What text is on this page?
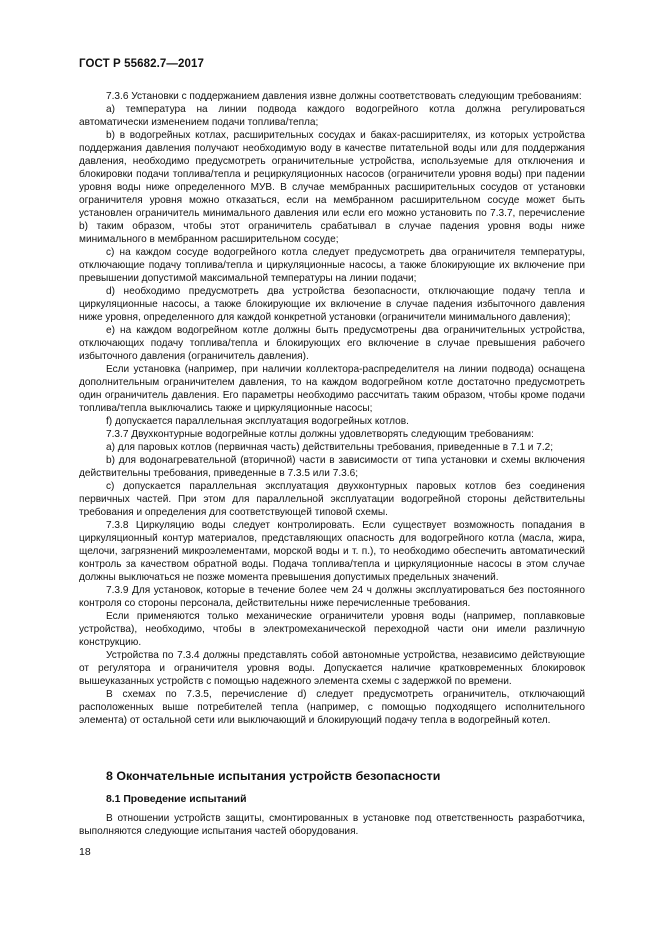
ГОСТ Р 55682.7—2017

7.3.6 Установки с поддержанием давления извне должны соответствовать следующим требованиям:

a) температура на линии подвода каждого водогрейного котла должна регулироваться автоматически изменением подачи топлива/тепла;

b) в водогрейных котлах, расширительных сосудах и баках-расширителях, из которых устройства поддержания давления получают необходимую воду в качестве питательной воды или для поддержания давления, необходимо предусмотреть ограничительные устройства, используемые для отключения и блокировки подачи топлива/тепла и рециркуляционных насосов (ограничители уровня воды) при падении уровня воды ниже определенного МУВ. В случае мембранных расширительных сосудов от установки ограничителя уровня можно отказаться, если на мембранном расширительном сосуде может быть установлен ограничитель минимального давления или если его можно установить по 7.3.7, перечисление b) таким образом, чтобы этот ограничитель срабатывал в случае падения уровня воды ниже минимального в мембранном расширительном сосуде;

c) на каждом сосуде водогрейного котла следует предусмотреть два ограничителя температуры, отключающие подачу топлива/тепла и циркуляционные насосы, а также блокирующие их включение при превышении допустимой максимальной температуры на линии подачи;

d) необходимо предусмотреть два устройства безопасности, отключающие подачу тепла и циркуляционные насосы, а также блокирующие их включение в случае падения избыточного давления ниже уровня, определенного для каждой конкретной установки (ограничители минимального давления);

e) на каждом водогрейном котле должны быть предусмотрены два ограничительных устройства, отключающих подачу топлива/тепла и блокирующих его включение в случае превышения рабочего избыточного давления (ограничитель давления).

Если установка (например, при наличии коллектора-распределителя на линии подвода) оснащена дополнительным ограничителем давления, то на каждом водогрейном котле достаточно предусмотреть один ограничитель давления. Его параметры необходимо рассчитать таким образом, чтобы кроме подачи топлива/тепла выключались также и циркуляционные насосы;

f) допускается параллельная эксплуатация водогрейных котлов.

7.3.7 Двухконтурные водогрейные котлы должны удовлетворять следующим требованиям:

a) для паровых котлов (первичная часть) действительны требования, приведенные в 7.1 и 7.2;

b) для водонагревательной (вторичной) части в зависимости от типа установки и схемы включения действительны требования, приведенные в 7.3.5 или 7.3.6;

c) допускается параллельная эксплуатация двухконтурных паровых котлов без соединения первичных частей. При этом для параллельной эксплуатации водогрейной стороны действительны требования и определения для соответствующей типовой схемы.

7.3.8 Циркуляцию воды следует контролировать. Если существует возможность попадания в циркуляционный контур материалов, представляющих опасность для водогрейного котла (масла, жира, щелочи, загрязнений микроэлементами, морской воды и т. п.), то необходимо обеспечить автоматический контроль за качеством обратной воды. Подача топлива/тепла и циркуляционные насосы в этом случае должны выключаться не позже момента превышения допустимых предельных значений.

7.3.9 Для установок, которые в течение более чем 24 ч должны эксплуатироваться без постоянного контроля со стороны персонала, действительны ниже перечисленные требования.

Если применяются только механические ограничители уровня воды (например, поплавковые устройства), необходимо, чтобы в электромеханической переходной части они имели различную конструкцию.

Устройства по 7.3.4 должны представлять собой автономные устройства, независимо действующие от регулятора и ограничителя уровня воды. Допускается наличие кратковременных блокировок вышеуказанных устройств с помощью надежного элемента схемы с задержкой по времени.

В схемах по 7.3.5, перечисление d) следует предусмотреть ограничитель, отключающий расположенных выше потребителей тепла (например, с помощью подходящего исполнительного элемента) от остальной сети или выключающий и блокирующий подачу тепла в водогрейный котел.

8 Окончательные испытания устройств безопасности
8.1 Проведение испытаний

В отношении устройств защиты, смонтированных в установке под ответственность разработчика, выполняются следующие испытания частей оборудования.

18
